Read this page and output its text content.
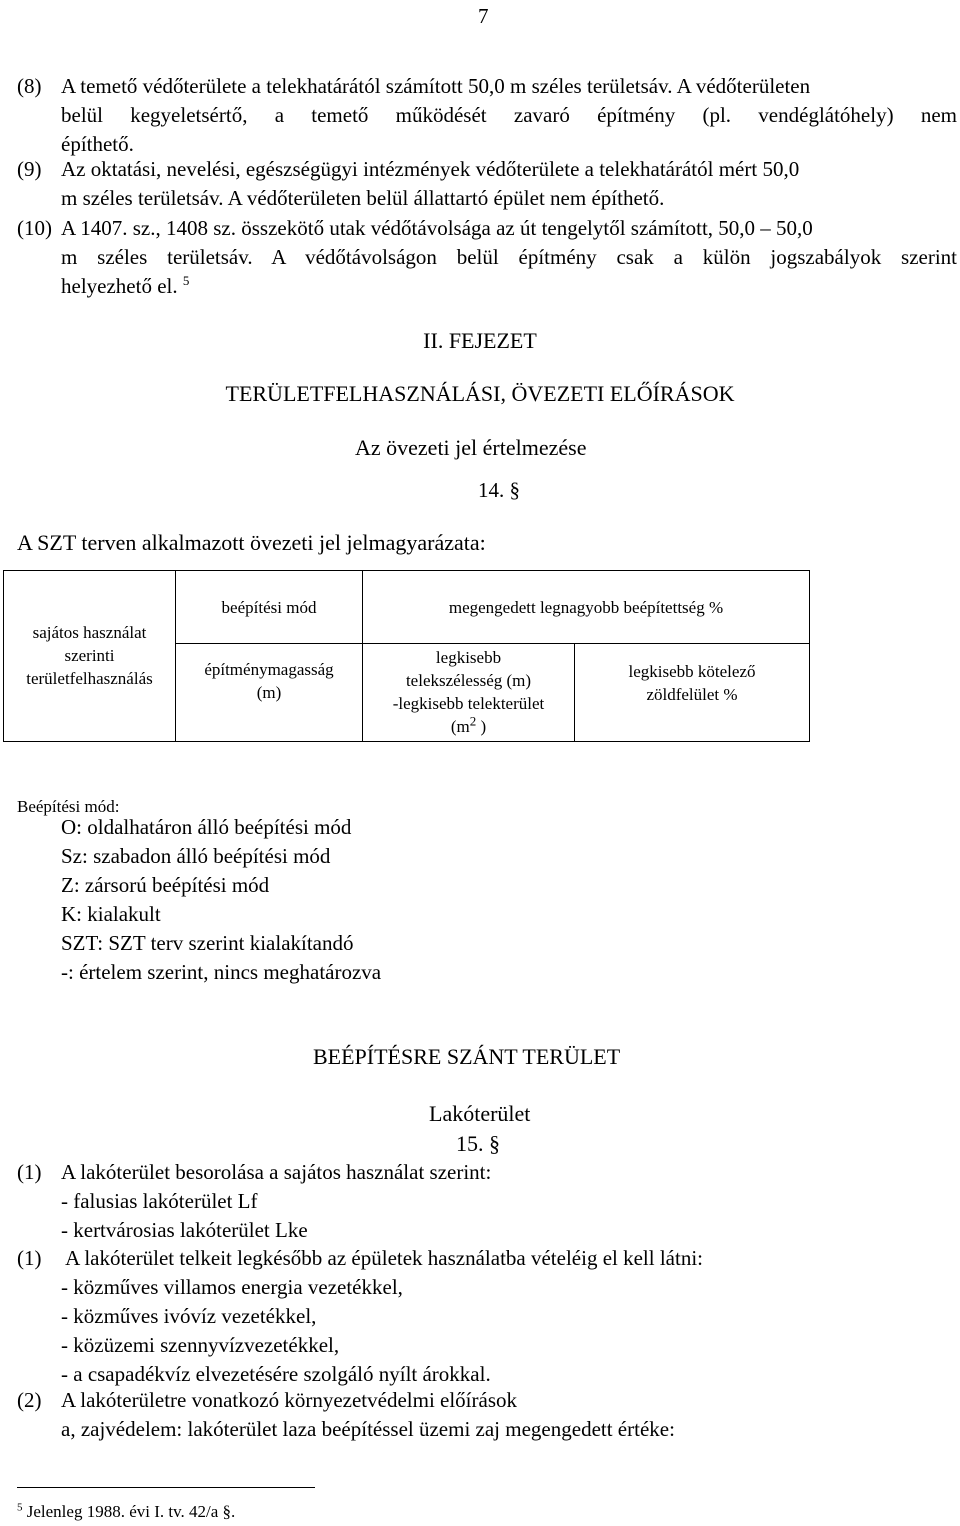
7
(8) A temető védőterülete a telekhatárától számított 50,0 m széles területsáv. A védőterületen
belül kegyeletsértő, a temető működését zavaró építmény (pl. vendéglátóhely) nem
építhető.
(9) Az oktatási, nevelési, egészségügyi intézmények védőterülete a telekhatárától mért 50,0
m széles területsáv. A védőterületen belül állattartó épület nem építhető.
(10) A 1407. sz., 1408 sz. összekötő utak védőtávolsága az út tengelytől számított, 50,0 – 50,0
m széles területsáv. A védőtávolságon belül építmény csak a külön jogszabályok szerint
helyezhető el. $^5$
II. FEJEZET
TERÜLETFELHASZNÁLÁSI, ÖVEZETI ELŐÍRÁSOK
Az övezeti jel értelmezése
14. §
A SZT terven alkalmazott övezeti jel jelmagyarázata:
sajátos használat
szerinti
területfelhasználás
beépítési mód
építménymagasság
(m)
megengedett legnagyobb beépítettség %
legkisebb
telekszélesség (m)
-legkisebb telekterület
($m^2$ )
legkisebb kötelező
zöldfelület %
Beépítési mód:
O: oldalhatáron álló beépítési mód
Sz: szabadon álló beépítési mód
Z: zársorú beépítési mód
K: kialakult
SZT: SZT terv szerint kialakítandó
-: értelem szerint, nincs meghatározva
BEÉPÍTÉSRE SZÁNT TERÜLET
Lakóterület
15. §
(1) A lakóterület besorolása a sajátos használat szerint:
- falusias lakóterület Lf
- kertvárosias lakóterület Lke
(1) A lakóterület telkeit legkésőbb az épületek használatba vételéig el kell látni:
- közműves villamos energia vezetékkel,
- közműves ivóvíz vezetékkel,
- közüzemi szennyvízvezetékkel,
- a csapadékvíz elvezetésére szolgáló nyílt árokkal.
(2) A lakóterületre vonatkozó környezetvédelmi előírások
a, zajvédelem: lakóterület laza beépítéssel üzemi zaj megengedett értéke:
$^5$ Jelenleg 1988. évi I. tv. 42/a §.
